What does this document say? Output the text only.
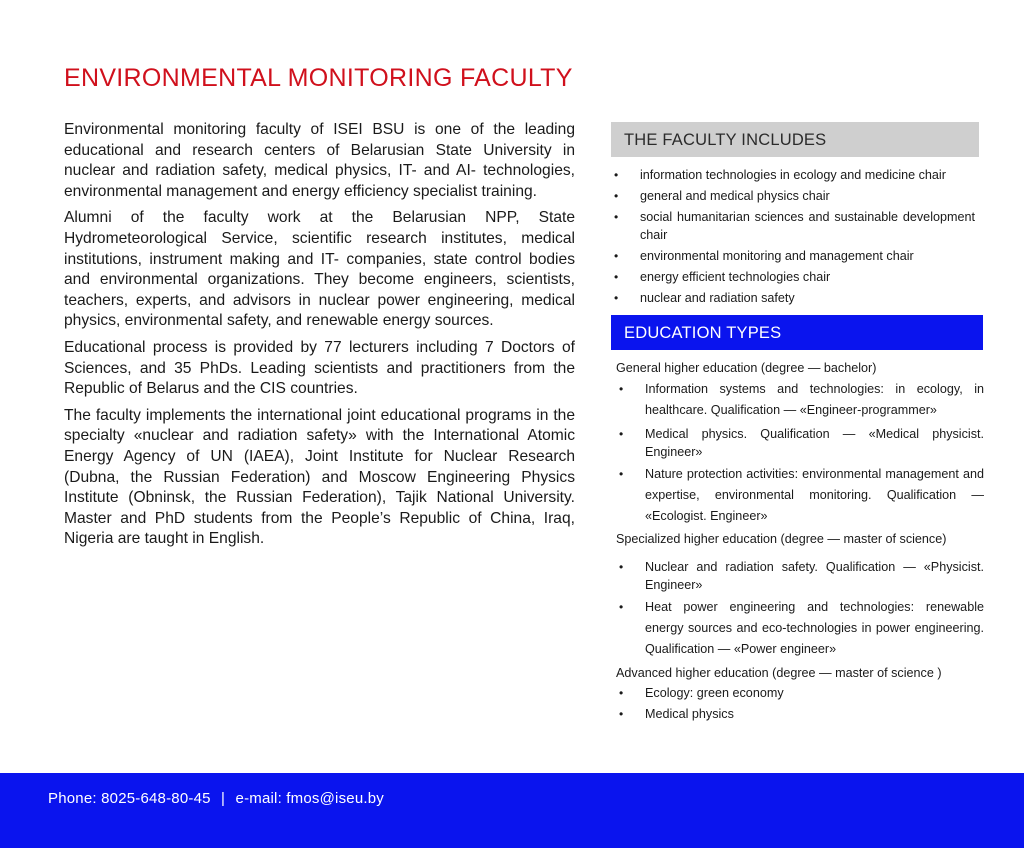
ENVIRONMENTAL MONITORING FACULTY

Environmental monitoring faculty of ISEI BSU is one of the leading educational and research centers of Belarusian State University in nuclear and radiation safety, medical physics, IT- and AI- technologies, environmental management and energy efficiency specialist training.

Alumni of the faculty work at the Belarusian NPP, State Hydrometeorological Service, scientific research institutes, medical institutions, instrument making and IT- companies, state control bodies and environmental organizations. They become engineers, scientists, teachers, experts, and advisors in nuclear power engineering, medical physics, environmental safety, and renewable energy sources.

Educational process is provided by 77 lecturers including 7 Doctors of Sciences, and 35 PhDs. Leading scientists and practitioners from the Republic of Belarus and the CIS countries.

The faculty implements the international joint educational programs in the specialty «nuclear and radiation safety» with the International Atomic Energy Agency of UN (IAEA), Joint Institute for Nuclear Research (Dubna, the Russian Federation) and Moscow Engineering Physics Institute (Obninsk, the Russian Federation), Tajik National University. Master and PhD students from the People’s Republic of China, Iraq, Nigeria are taught in English.

THE FACULTY INCLUDES
• information technologies in ecology and medicine chair
• general and medical physics chair
• social humanitarian sciences and sustainable development chair
• environmental monitoring and management chair
• energy efficient technologies chair
• nuclear and radiation safety
EDUCATION TYPES

General higher education (degree — bachelor)

• Information systems and technologies: in ecology, in healthcare. Qualification — «Engineer-programmer»
• Medical physics. Qualification — «Medical physicist. Engineer»
• Nature protection activities: environmental management and expertise, environmental monitoring. Qualification — «Ecologist. Engineer»

Specialized higher education (degree — master of science)

• Nuclear and radiation safety. Qualification — «Physicist. Engineer»
• Heat power engineering and technologies: renewable energy sources and eco-technologies in power engineering. Qualification — «Power engineer»

Advanced higher education (degree — master of science )

• Ecology: green economy
• Medical physics
Phone: 8025-648-80-45 | e-mail: fmos@iseu.by
